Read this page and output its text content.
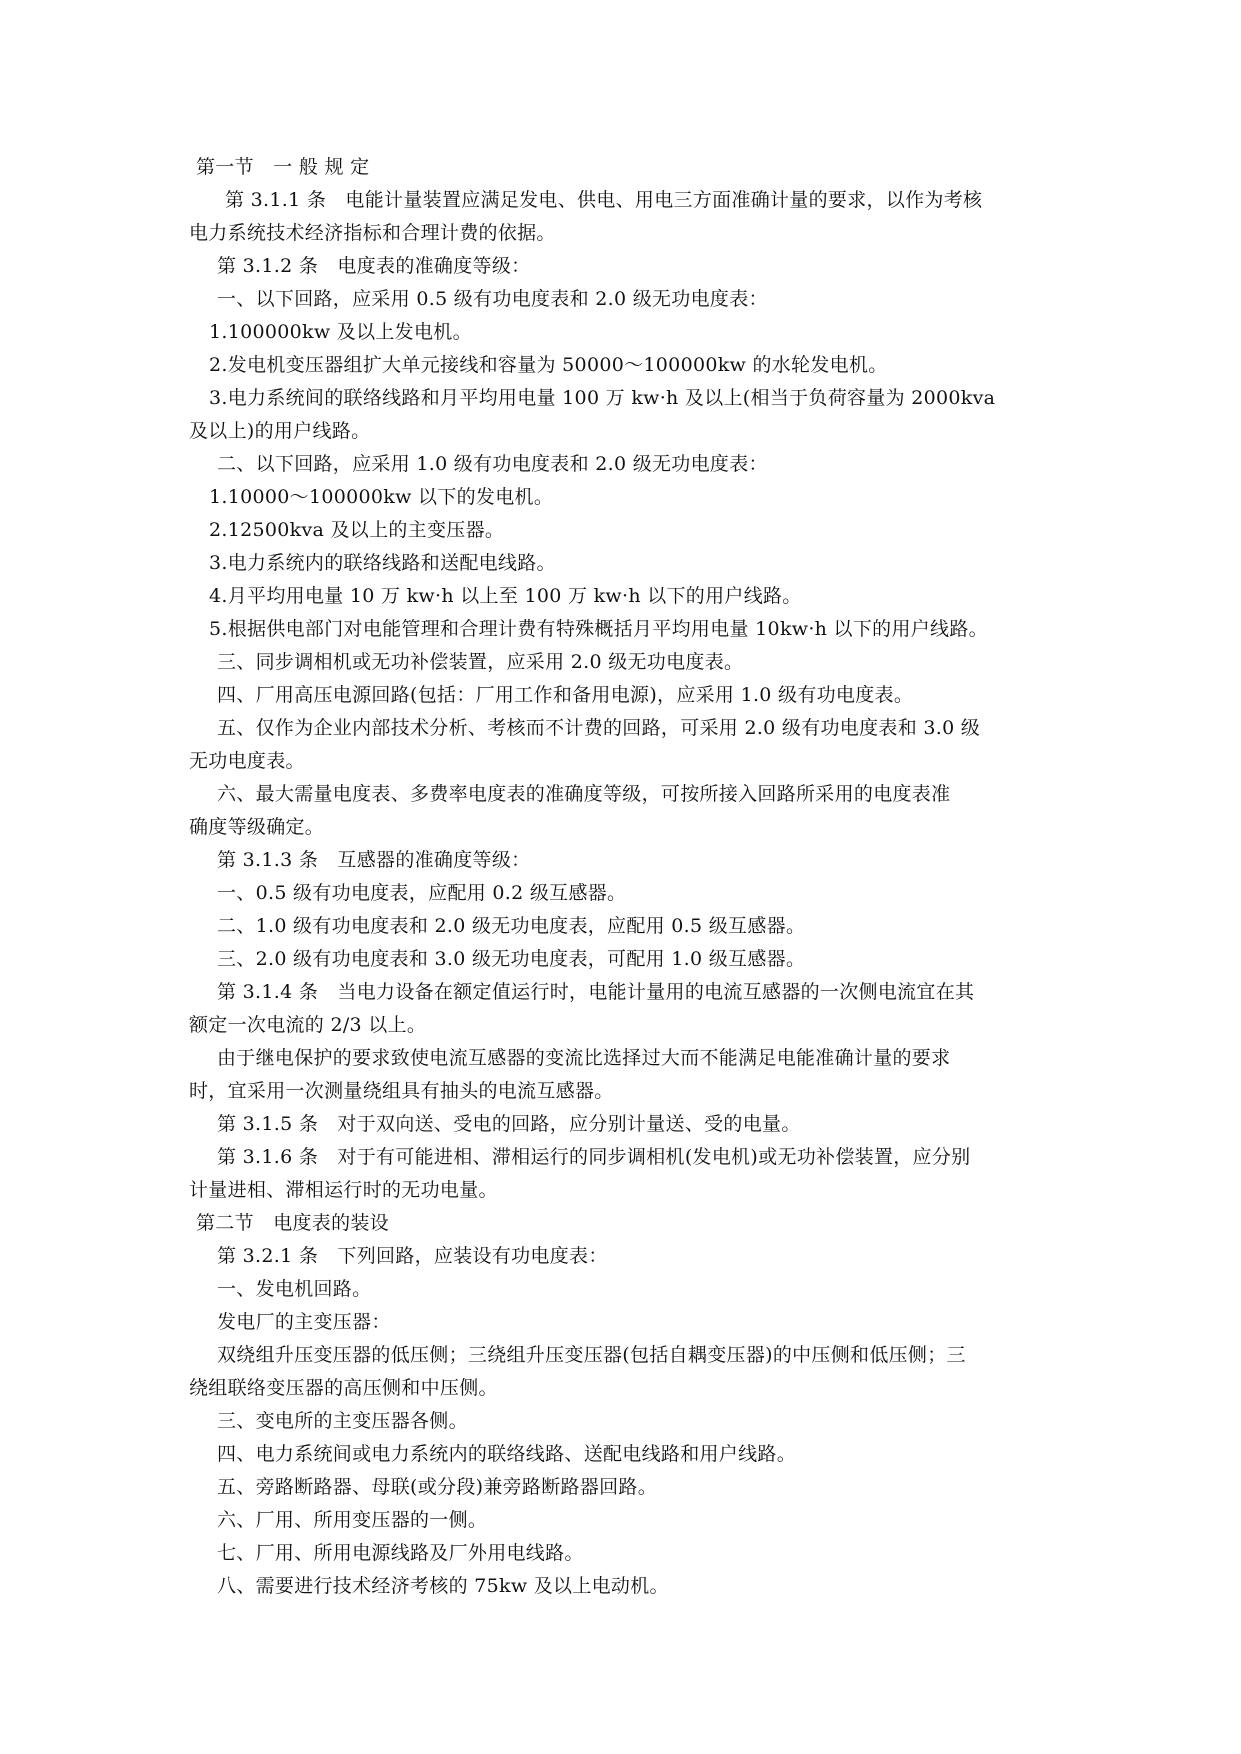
第一节　一 般 规 定
第 3.1.1 条　电能计量装置应满足发电、供电、用电三方面准确计量的要求，以作为考核
电力系统技术经济指标和合理计费的依据。
第 3.1.2 条　电度表的准确度等级：
一、以下回路，应采用 0.5 级有功电度表和 2.0 级无功电度表：
1.100000kw 及以上发电机。
2.发电机变压器组扩大单元接线和容量为 50000～100000kw 的水轮发电机。
3.电力系统间的联络线路和月平均用电量 100 万 kw·h 及以上(相当于负荷容量为 2000kva
及以上)的用户线路。
二、以下回路，应采用 1.0 级有功电度表和 2.0 级无功电度表：
1.10000～100000kw 以下的发电机。
2.12500kva 及以上的主变压器。
3.电力系统内的联络线路和送配电线路。
4.月平均用电量 10 万 kw·h 以上至 100 万 kw·h 以下的用户线路。
5.根据供电部门对电能管理和合理计费有特殊概括月平均用电量 10kw·h 以下的用户线路。
三、同步调相机或无功补偿装置，应采用 2.0 级无功电度表。
四、厂用高压电源回路(包括：厂用工作和备用电源)，应采用 1.0 级有功电度表。
五、仅作为企业内部技术分析、考核而不计费的回路，可采用 2.0 级有功电度表和 3.0 级
无功电度表。
六、最大需量电度表、多费率电度表的准确度等级，可按所接入回路所采用的电度表准
确度等级确定。
第 3.1.3 条　互感器的准确度等级：
一、0.5 级有功电度表，应配用 0.2 级互感器。
二、1.0 级有功电度表和 2.0 级无功电度表，应配用 0.5 级互感器。
三、2.0 级有功电度表和 3.0 级无功电度表，可配用 1.0 级互感器。
第 3.1.4 条　当电力设备在额定值运行时，电能计量用的电流互感器的一次侧电流宜在其
额定一次电流的 2/3 以上。
由于继电保护的要求致使电流互感器的变流比选择过大而不能满足电能准确计量的要求
时，宜采用一次测量绕组具有抽头的电流互感器。
第 3.1.5 条　对于双向送、受电的回路，应分别计量送、受的电量。
第 3.1.6 条　对于有可能进相、滞相运行的同步调相机(发电机)或无功补偿装置，应分别
计量进相、滞相运行时的无功电量。
第二节　电度表的装设
第 3.2.1 条　下列回路，应装设有功电度表：
一、发电机回路。
发电厂的主变压器：
双绕组升压变压器的低压侧；三绕组升压变压器(包括自耦变压器)的中压侧和低压侧；三
绕组联络变压器的高压侧和中压侧。
三、变电所的主变压器各侧。
四、电力系统间或电力系统内的联络线路、送配电线路和用户线路。
五、旁路断路器、母联(或分段)兼旁路断路器回路。
六、厂用、所用变压器的一侧。
七、厂用、所用电源线路及厂外用电线路。
八、需要进行技术经济考核的 75kw 及以上电动机。
